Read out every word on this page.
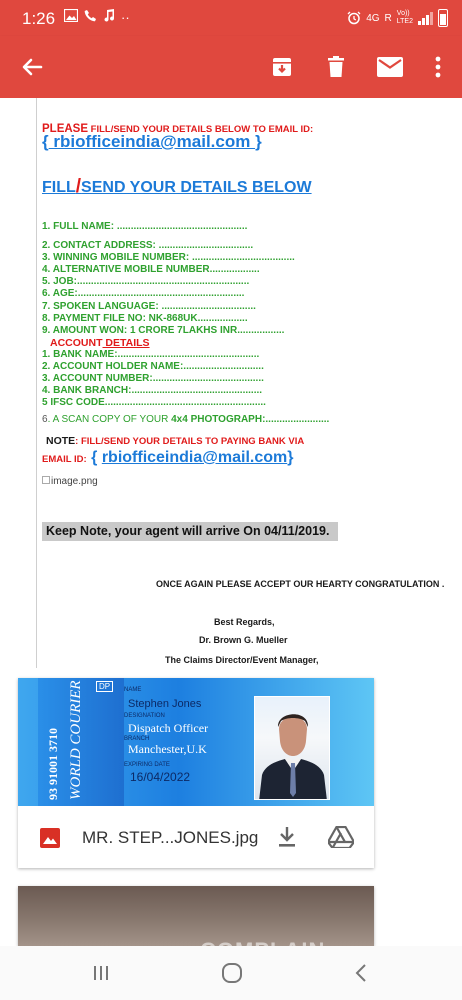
1:26	··	4G R Vo))
LTE2
PLEASE FILL/SEND YOUR DETAILS BELOW TO EMAIL ID:
{ rbiofficeindia@mail.com }
FILL/SEND YOUR DETAILS BELOW
1. FULL NAME: ...............................................
2. CONTACT ADDRESS: ..................................
3. WINNING MOBILE NUMBER: .....................................
4. ALTERNATIVE MOBILE NUMBER..................
5. JOB:..............................................................
6. AGE:............................................................
7. SPOKEN LANGUAGE: ..................................
8. PAYMENT FILE NO: NK-868UK..................
9. AMOUNT WON: 1 CRORE 7LAKHS INR.................
ACCOUNT DETAILS
1. BANK NAME:...................................................
2. ACCOUNT HOLDER NAME:.............................
3. ACCOUNT NUMBER:........................................
4. BANK BRANCH:...............................................
5 IFSC CODE..........................................................
6. A SCAN COPY OF YOUR 4x4 PHOTOGRAPH:.......................
NOTE: FILL/SEND YOUR DETAILS TO PAYING BANK VIA
EMAIL ID: { rbiofficeindia@mail.com}
image.png
Keep Note, your agent will arrive On 04/11/2019.
ONCE AGAIN PLEASE ACCEPT OUR HEARTY CONGRATULATION .
Best Regards,
Dr. Brown G. Mueller
The Claims Director/Event Manager,
DP
WORLD COURIER
93 91001 3710
NAME
Stephen Jones
DESIGNATION
Dispatch Officer
BRANCH
Manchester,U.K
EXPIRING DATE
16/04/2022
MR. STEP...JONES.jpg
